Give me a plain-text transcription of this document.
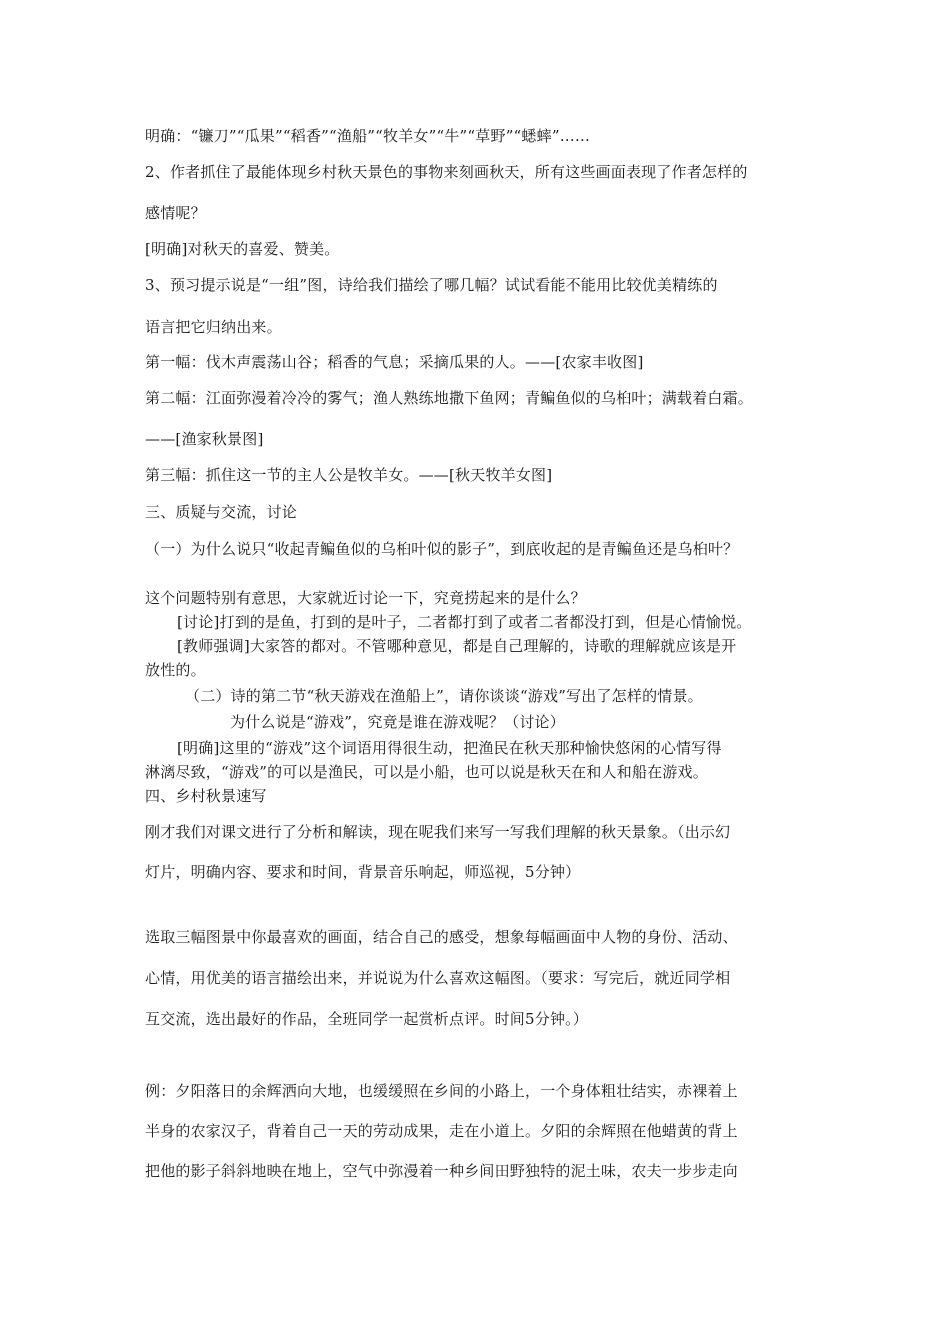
明确：“镰刀”“瓜果”“稻香”“渔船”“牧羊女”“牛”“草野”“蟋蟀”……
2、作者抓住了最能体现乡村秋天景色的事物来刻画秋天，所有这些画面表现了作者怎样的
感情呢？
[明确]对秋天的喜爱、赞美。
3、预习提示说是“一组”图，诗给我们描绘了哪几幅？试试看能不能用比较优美精练的
语言把它归纳出来。
第一幅：伐木声震荡山谷；稻香的气息；采摘瓜果的人。——[农家丰收图]
第二幅：江面弥漫着冷冷的雾气；渔人熟练地撒下鱼网；青鳊鱼似的乌桕叶；满载着白霜。
——[渔家秋景图]
第三幅：抓住这一节的主人公是牧羊女。——[秋天牧羊女图]
三、质疑与交流，讨论
（一）为什么说只“收起青鳊鱼似的乌桕叶似的影子”，到底收起的是青鳊鱼还是乌桕叶？
这个问题特别有意思，大家就近讨论一下，究竟捞起来的是什么？
[讨论]打到的是鱼，打到的是叶子，二者都打到了或者二者都没打到，但是心情愉悦。
[教师强调]大家答的都对。不管哪种意见，都是自己理解的，诗歌的理解就应该是开
放性的。
（二）诗的第二节“秋天游戏在渔船上”，请你谈谈“游戏”写出了怎样的情景。
为什么说是“游戏”，究竟是谁在游戏呢？（讨论）
[明确]这里的“游戏”这个词语用得很生动，把渔民在秋天那种愉快悠闲的心情写得
淋漓尽致，“游戏”的可以是渔民，可以是小船，也可以说是秋天在和人和船在游戏。
四、乡村秋景速写
刚才我们对课文进行了分析和解读，现在呢我们来写一写我们理解的秋天景象。（出示幻
灯片，明确内容、要求和时间，背景音乐响起，师巡视，5分钟）
选取三幅图景中你最喜欢的画面，结合自己的感受，想象每幅画面中人物的身份、活动、
心情，用优美的语言描绘出来，并说说为什么喜欢这幅图。（要求：写完后，就近同学相
互交流，选出最好的作品，全班同学一起赏析点评。时间5分钟。）
例：夕阳落日的余辉洒向大地，也缓缓照在乡间的小路上，一个身体粗壮结实，赤裸着上
半身的农家汉子，背着自己一天的劳动成果，走在小道上。夕阳的余辉照在他蜡黄的背上
把他的影子斜斜地映在地上，空气中弥漫着一种乡间田野独特的泥土味，农夫一步步走向
